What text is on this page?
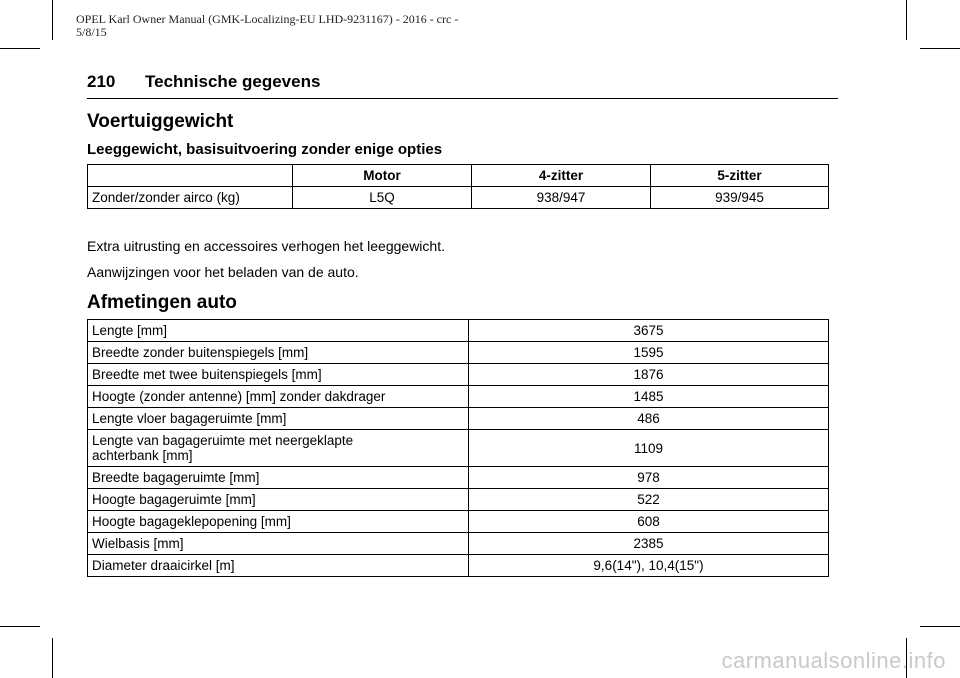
OPEL Karl Owner Manual (GMK-Localizing-EU LHD-9231167) - 2016 - crc -
5/8/15
210 Technische gegevens
Voertuiggewicht
Leeggewicht, basisuitvoering zonder enige opties
	Motor	4-zitter	5-zitter
Zonder/zonder airco (kg)	L5Q	938/947	939/945
Extra uitrusting en accessoires verhogen het leeggewicht.
Aanwijzingen voor het beladen van de auto.
Afmetingen auto
Lengte [mm]	3675
Breedte zonder buitenspiegels [mm]	1595
Breedte met twee buitenspiegels [mm]	1876
Hoogte (zonder antenne) [mm] zonder dakdrager	1485
Lengte vloer bagageruimte [mm]	486
Lengte van bagageruimte met neergeklapte achterbank [mm]	1109
Breedte bagageruimte [mm]	978
Hoogte bagageruimte [mm]	522
Hoogte bagageklepopening [mm]	608
Wielbasis [mm]	2385
Diameter draaicirkel [m]	9,6(14"), 10,4(15")
carmanualsonline.info
